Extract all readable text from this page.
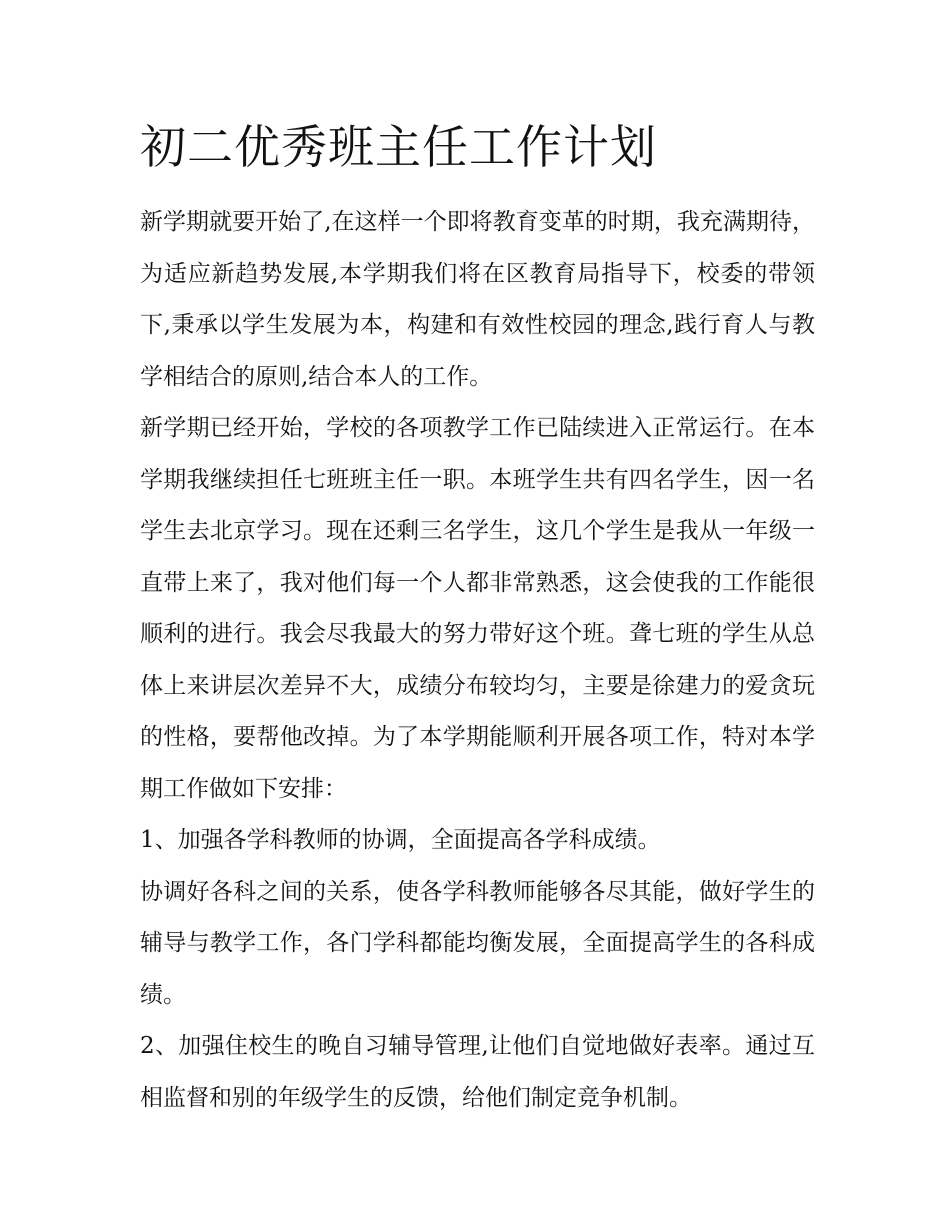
初二优秀班主任工作计划

新学期就要开始了,在这样一个即将教育变革的时期，我充满期待，为适应新趋势发展,本学期我们将在区教育局指导下，校委的带领下,秉承以学生发展为本，构建和有效性校园的理念,践行育人与教学相结合的原则,结合本人的工作。

新学期已经开始，学校的各项教学工作已陆续进入正常运行。在本学期我继续担任七班班主任一职。本班学生共有四名学生，因一名学生去北京学习。现在还剩三名学生，这几个学生是我从一年级一直带上来了，我对他们每一个人都非常熟悉，这会使我的工作能很顺利的进行。我会尽我最大的努力带好这个班。聋七班的学生从总体上来讲层次差异不大，成绩分布较均匀，主要是徐建力的爱贪玩的性格，要帮他改掉。为了本学期能顺利开展各项工作，特对本学期工作做如下安排：

1、加强各学科教师的协调，全面提高各学科成绩。

协调好各科之间的关系，使各学科教师能够各尽其能，做好学生的辅导与教学工作，各门学科都能均衡发展，全面提高学生的各科成绩。

2、加强住校生的晚自习辅导管理,让他们自觉地做好表率。通过互相监督和别的年级学生的反馈，给他们制定竞争机制。
